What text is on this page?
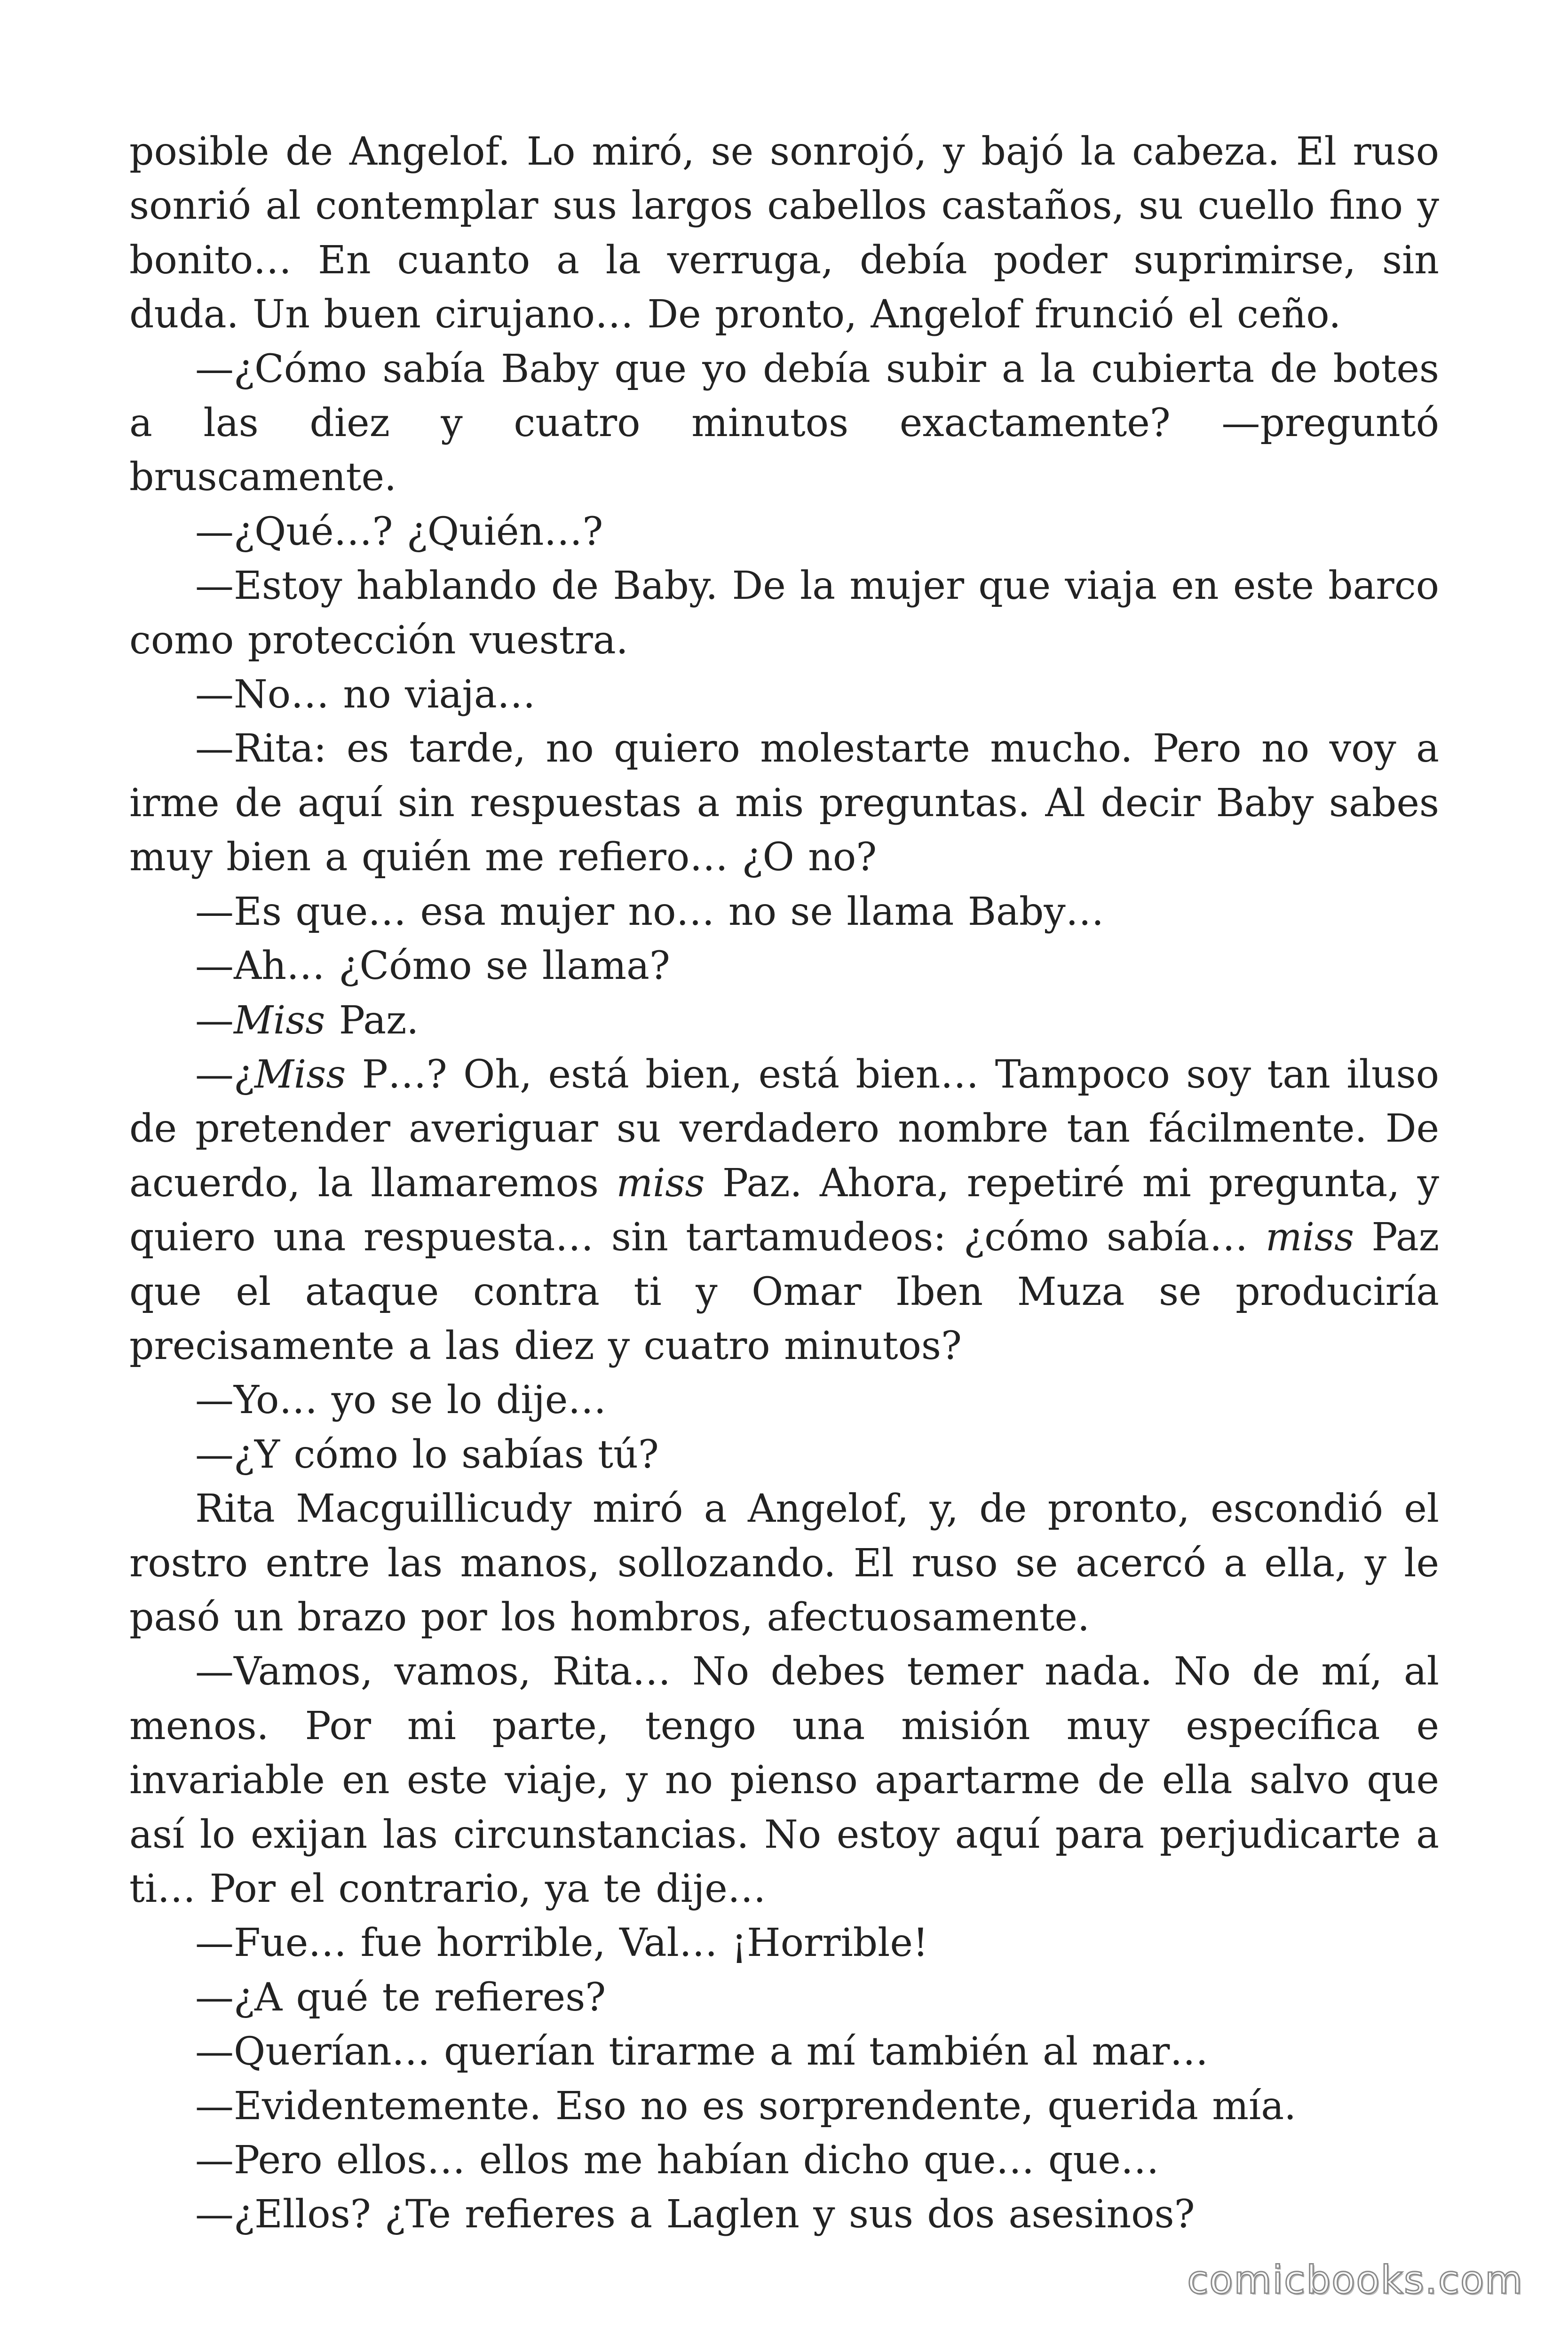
posible de Angelof. Lo miró, se sonrojó, y bajó la cabeza. El ruso sonrió al contemplar sus largos cabellos castaños, su cuello fino y bonito… En cuanto a la verruga, debía poder suprimirse, sin duda. Un buen cirujano… De pronto, Angelof frunció el ceño.

—¿Cómo sabía Baby que yo debía subir a la cubierta de botes a las diez y cuatro minutos exactamente? —preguntó bruscamente.

—¿Qué…? ¿Quién…?

—Estoy hablando de Baby. De la mujer que viaja en este barco como protección vuestra.

—No… no viaja…

—Rita: es tarde, no quiero molestarte mucho. Pero no voy a irme de aquí sin respuestas a mis preguntas. Al decir Baby sabes muy bien a quién me refiero… ¿O no?

—Es que… esa mujer no… no se llama Baby…

—Ah… ¿Cómo se llama?

—Miss Paz.

—¿Miss P…? Oh, está bien, está bien… Tampoco soy tan iluso de pretender averiguar su verdadero nombre tan fácilmente. De acuerdo, la llamaremos miss Paz. Ahora, repetiré mi pregunta, y quiero una respuesta… sin tartamudeos: ¿cómo sabía… miss Paz que el ataque contra ti y Omar Iben Muza se produciría precisamente a las diez y cuatro minutos?

—Yo… yo se lo dije…

—¿Y cómo lo sabías tú?

Rita Macguillicudy miró a Angelof, y, de pronto, escondió el rostro entre las manos, sollozando. El ruso se acercó a ella, y le pasó un brazo por los hombros, afectuosamente.

—Vamos, vamos, Rita… No debes temer nada. No de mí, al menos. Por mi parte, tengo una misión muy específica e invariable en este viaje, y no pienso apartarme de ella salvo que así lo exijan las circunstancias. No estoy aquí para perjudicarte a ti… Por el contrario, ya te dije…

—Fue… fue horrible, Val… ¡Horrible!

—¿A qué te refieres?

—Querían… querían tirarme a mí también al mar…

—Evidentemente. Eso no es sorprendente, querida mía.

—Pero ellos… ellos me habían dicho que… que…

—¿Ellos? ¿Te refieres a Laglen y sus dos asesinos?

comicbooks.com
